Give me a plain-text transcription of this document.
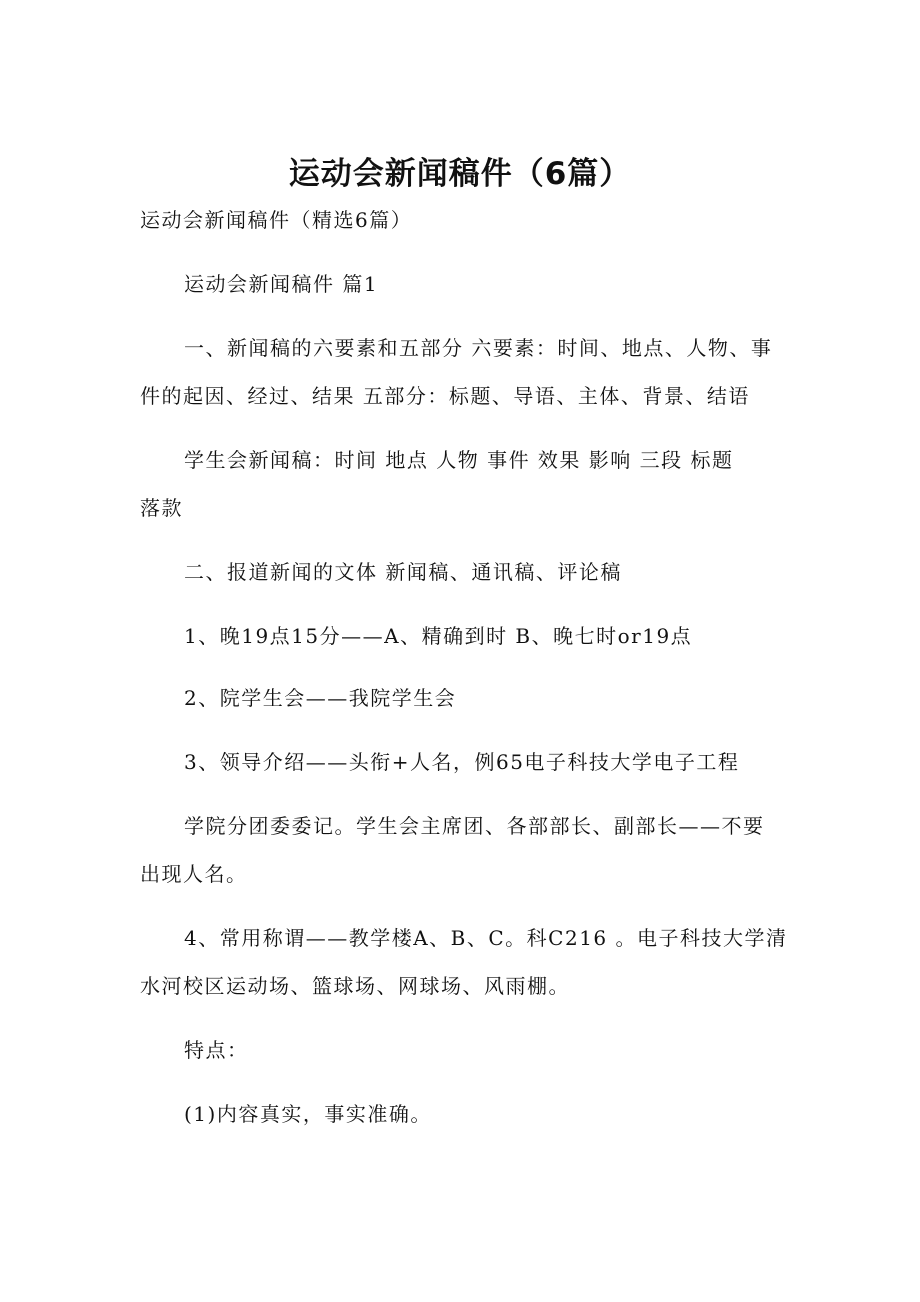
运动会新闻稿件（6篇）
运动会新闻稿件（精选6篇）
运动会新闻稿件 篇1
一、新闻稿的六要素和五部分 六要素：时间、地点、人物、事
件的起因、经过、结果 五部分：标题、导语、主体、背景、结语
学生会新闻稿：时间 地点 人物 事件 效果 影响 三段 标题
落款
二、报道新闻的文体 新闻稿、通讯稿、评论稿
1、晚19点15分——A、精确到时 B、晚七时or19点
2、院学生会——我院学生会
3、领导介绍——头衔+人名，例65电子科技大学电子工程
学院分团委委记。学生会主席团、各部部长、副部长——不要
出现人名。
4、常用称谓——教学楼A、B、C。科C216 。电子科技大学清
水河校区运动场、篮球场、网球场、风雨棚。
特点：
(1)内容真实，事实准确。
